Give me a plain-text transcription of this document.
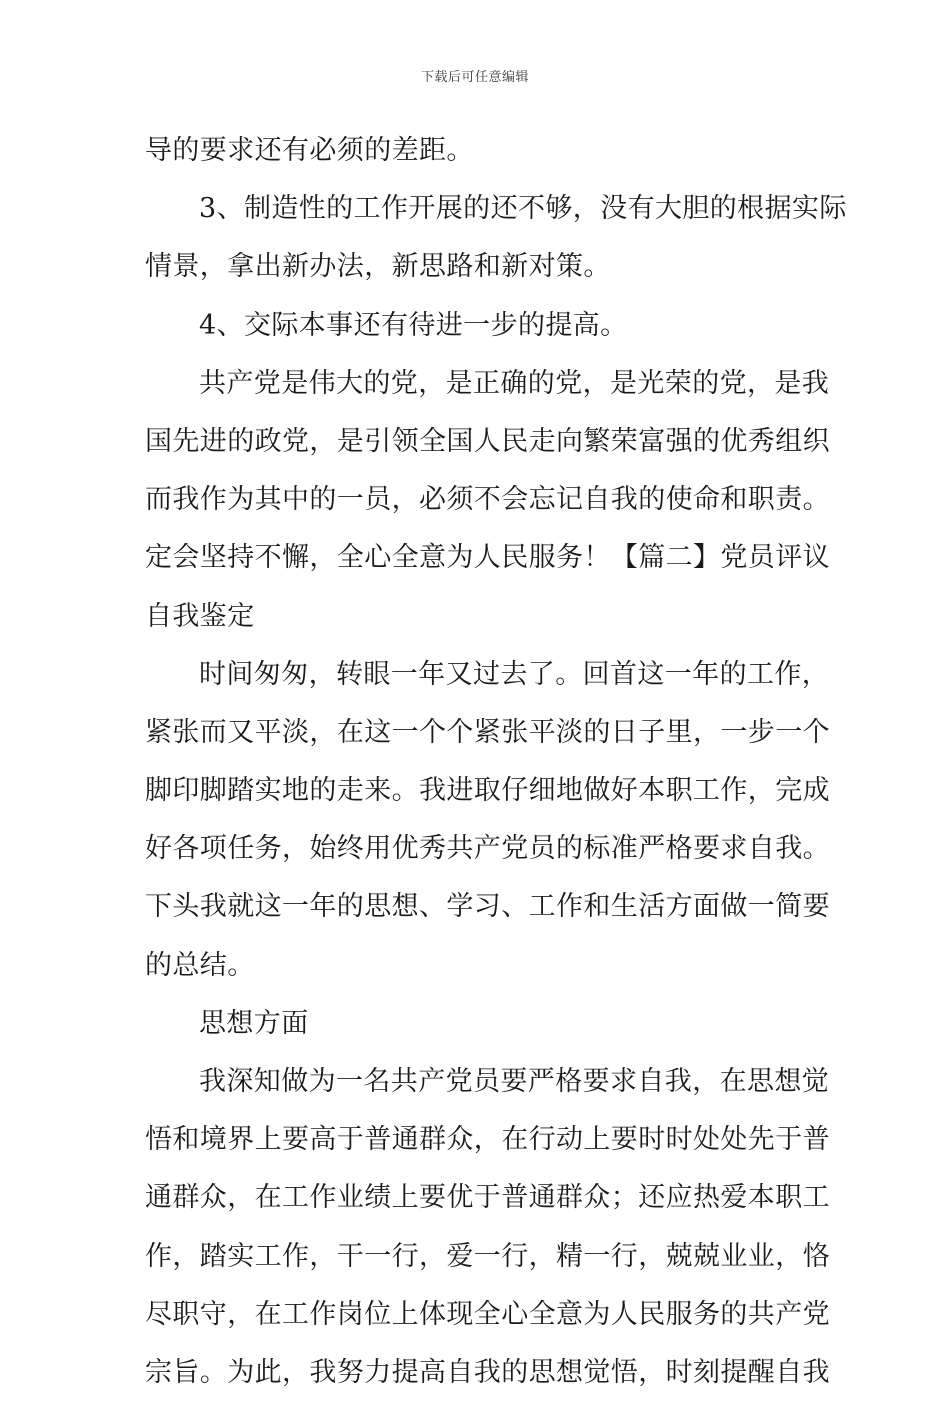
下载后可任意编辑
导的要求还有必须的差距。
3、制造性的工作开展的还不够，没有大胆的根据实际
情景，拿出新办法，新思路和新对策。
4、交际本事还有待进一步的提高。
共产党是伟大的党，是正确的党，是光荣的党，是我
国先进的政党，是引领全国人民走向繁荣富强的优秀组织
而我作为其中的一员，必须不会忘记自我的使命和职责。
定会坚持不懈，全心全意为人民服务！【篇二】党员评议
自我鉴定
时间匆匆，转眼一年又过去了。回首这一年的工作，
紧张而又平淡，在这一个个紧张平淡的日子里，一步一个
脚印脚踏实地的走来。我进取仔细地做好本职工作，完成
好各项任务，始终用优秀共产党员的标准严格要求自我。
下头我就这一年的思想、学习、工作和生活方面做一简要
的总结。
思想方面
我深知做为一名共产党员要严格要求自我，在思想觉
悟和境界上要高于普通群众，在行动上要时时处处先于普
通群众，在工作业绩上要优于普通群众；还应热爱本职工
作，踏实工作，干一行，爱一行，精一行，兢兢业业，恪
尽职守，在工作岗位上体现全心全意为人民服务的共产党
宗旨。为此，我努力提高自我的思想觉悟，时刻提醒自我
